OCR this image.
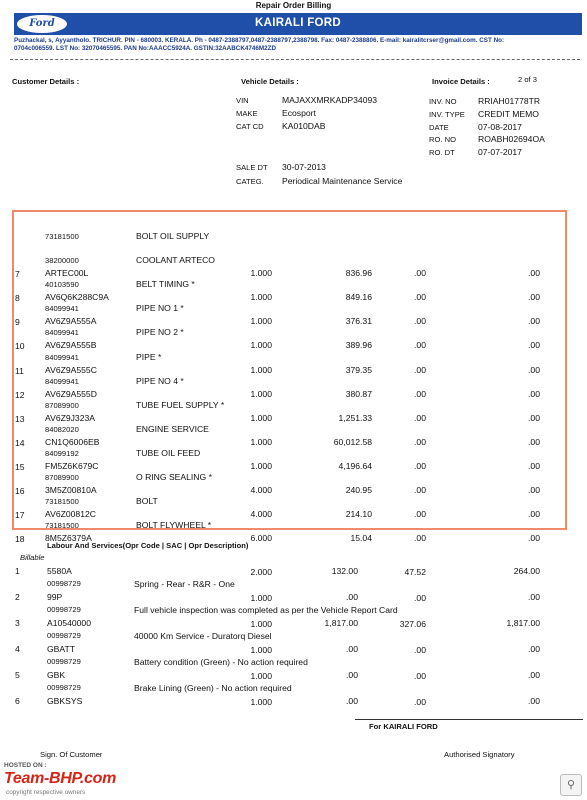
Repair Order Billing
KAIRALI FORD
Ford
Puzhackal, s, Ayyantholo. TRICHUR. PIN - 680003. KERALA. Ph - 0487-2388797,0487-2388797,2388798. Fax: 0487-2388806. E-mail: kairalitcrser@gmail.com. CST No:
0704c006559. LST No: 32070465595. PAN No:AAACC5924A. GSTIN:32AABCK4746M2ZD
Customer Details :	Vehicle Details :	Invoice Details :	2 of 3
VIN	MAJAXXMRKADP34093
MAKE	Ecosport
CAT CD KA010DAB
SALE DT 30-07-2013
CATEG. Periodical Maintenance Service
INV. NO RRIAH01778TR
INV. TYPE CREDIT MEMO
DATE	07-08-2017
RO. NO	ROABH02694OA
RO. DT	07-07-2017
73181500	BOLT OIL SUPPLY
38200000	COOLANT ARTECO
7	ARTEC00L	1.000	836.96	.00	.00
40103590	BELT TIMING *
8	AV6Q6K288C9A	1.000	849.16	.00	.00
84099941	PIPE NO 1 *
9	AV6Z9A555A	1.000	376.31	.00	.00
84099941	PIPE NO 2 *
10 AV6Z9A555B	1.000	389.96	.00	.00
84099941	PIPE *
11 AV6Z9A555C	1.000	379.35	.00	.00
84099941	PIPE NO 4 *
12 AV6Z9A555D	1.000	380.87	.00	.00
87089900	TUBE FUEL SUPPLY *
13 AV6Z9J323A	1.000	1,251.33	.00	.00
84082020	ENGINE SERVICE
14 CN1Q6006EB	1.000	60,012.58	.00	.00
84099192	TUBE OIL FEED
15 FM5Z6K679C	1.000	4,196.64	.00	.00
87089900	O RING SEALING *
16 3M5Z00810A	4.000	240.95	.00	.00
73181500	BOLT
17 AV6Z00812C	4.000	214.10	.00	.00
73181500	BOLT FLYWHEEL *
18 8M5Z6379A	6.000	15.04	.00	.00
Labour And Services(Opr Code | SAC | Opr Description)
Billable
1	5580A	2.000	132.00	47.52	264.00
00998729	Spring - Rear - R&R - One
2	99P	1.000	.00	.00	.00
00998729	Full vehicle inspection was completed as per the Vehicle Report Card
3	A10540000	1.000	1,817.00	327.06	1,817.00
00998729	40000 Km Service - Duratorq Diesel
4	GBATT	1.000	.00	.00	.00
00998729	Battery condition (Green) - No action required
5	GBK	1.000	.00	.00	.00
00998729	Brake Lining (Green) - No action required
6	GBKSYS	1.000	.00	.00	.00
For KAIRALI FORD
Sign. Of Customer	Authorised Signatory
HOSTED ON :
Team-BHP.com
copyright respective owners
⚲
